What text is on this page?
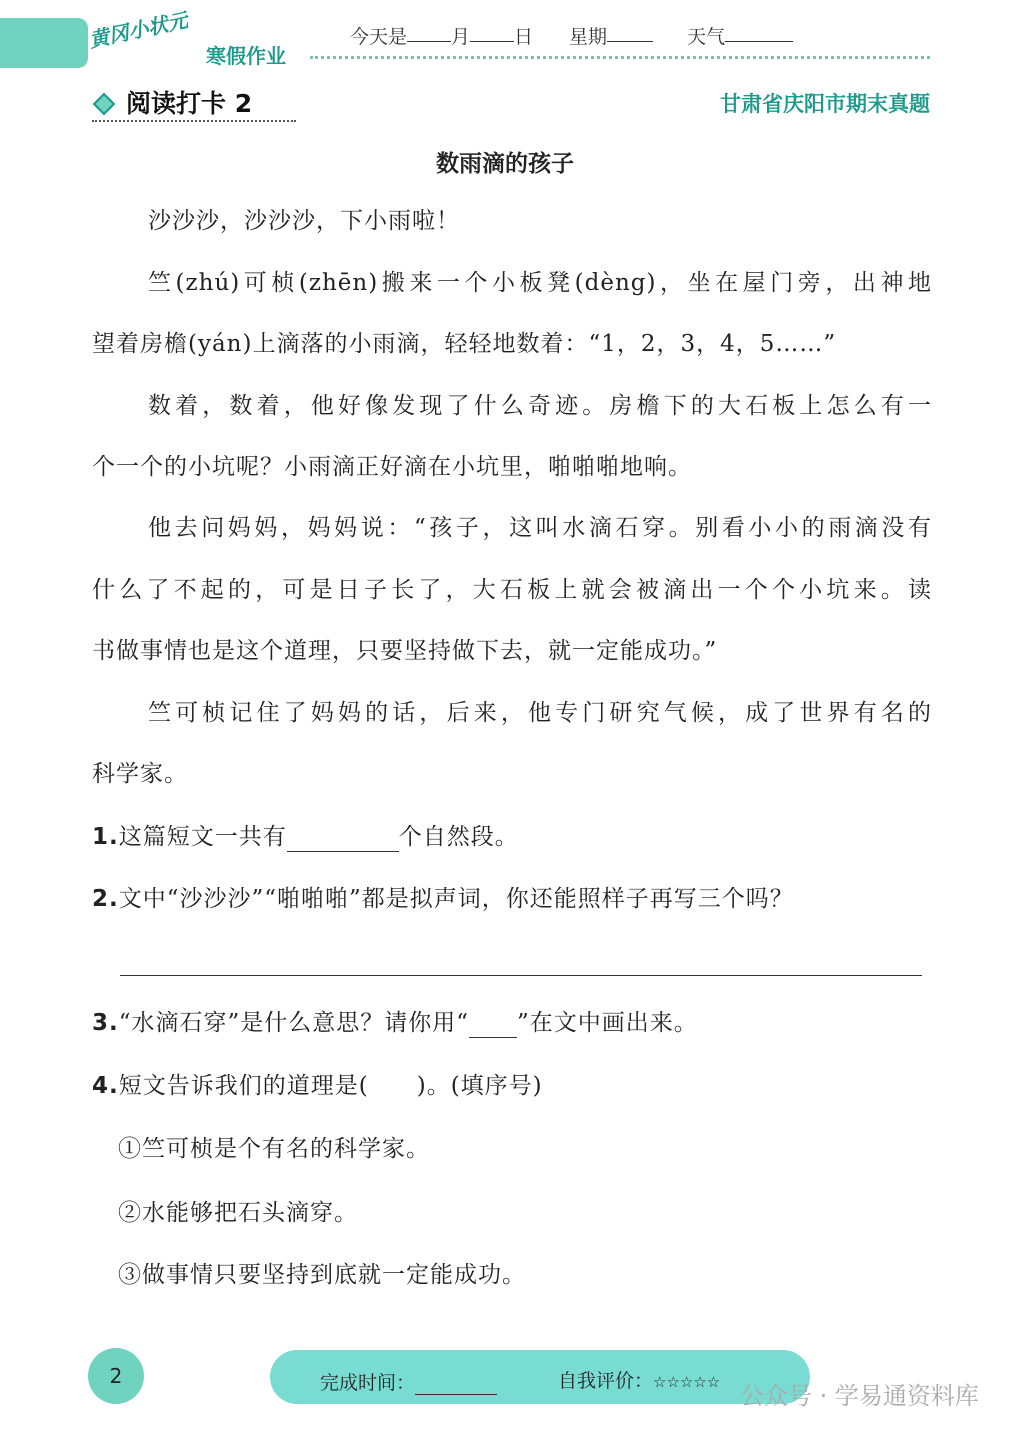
黄冈小状元
寒假作业
今天是 月 日 星期	天气
阅读打卡 2	甘肃省庆阳市期末真题
数雨滴的孩子
沙沙沙，沙沙沙，下小雨啦！
竺(zhú)可桢(zhēn)搬来一个小板凳(dèng)，坐在屋门旁，出神地
望着房檐(yán)上滴落的小雨滴，轻轻地数着：“1，2，3，4，5……”
数着，数着，他好像发现了什么奇迹。房檐下的大石板上怎么有一
个一个的小坑呢？小雨滴正好滴在小坑里，啪啪啪地响。
他去问妈妈，妈妈说：“孩子，这叫水滴石穿。别看小小的雨滴没有
什么了不起的，可是日子长了，大石板上就会被滴出一个个小坑来。读
书做事情也是这个道理，只要坚持做下去，就一定能成功。”
竺可桢记住了妈妈的话，后来，他专门研究气候，成了世界有名的
科学家。
1.这篇短文一共有	个自然段。
2.文中“沙沙沙”“啪啪啪”都是拟声词，你还能照样子再写三个吗？
3.“水滴石穿”是什么意思？请你用“ ”在文中画出来。
4.短文告诉我们的道理是(　　)。(填序号)
①竺可桢是个有名的科学家。
②水能够把石头滴穿。
③做事情只要坚持到底就一定能成功。
2	完成时间：	自我评价：☆☆☆☆☆ 公众号 · 学易通资料库
